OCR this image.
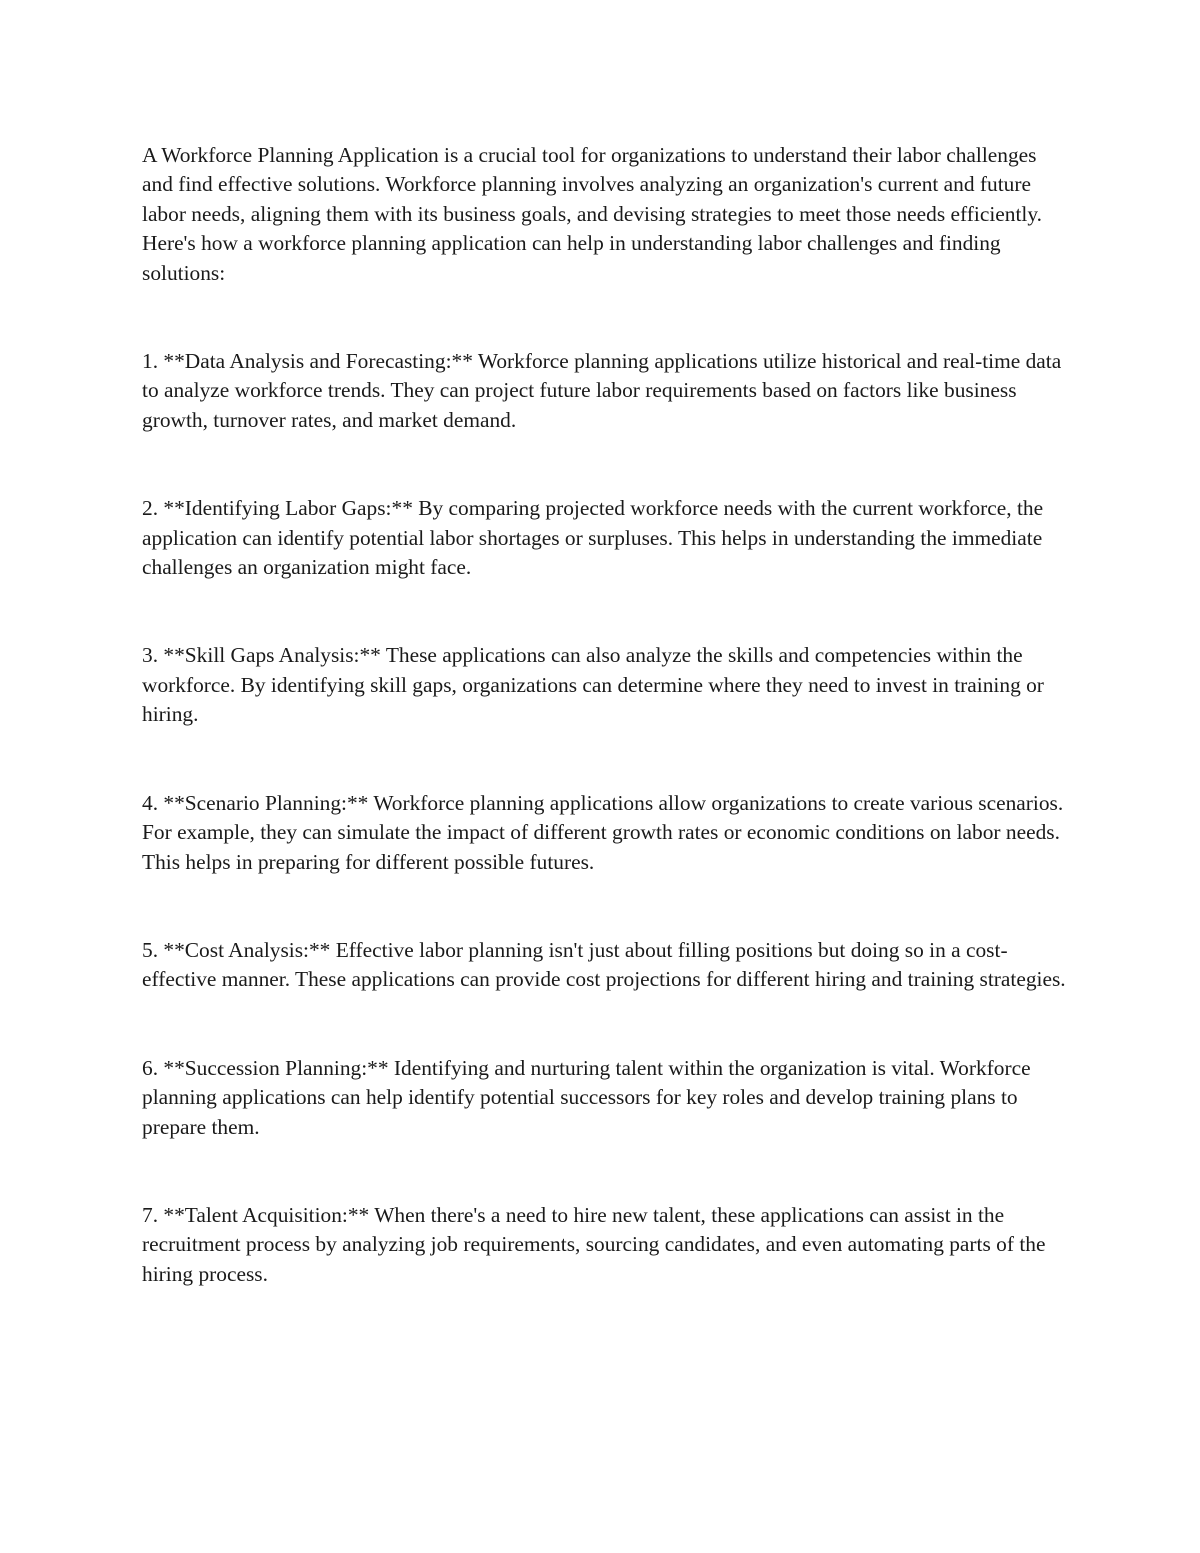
A Workforce Planning Application is a crucial tool for organizations to understand their labor challenges and find effective solutions. Workforce planning involves analyzing an organization's current and future labor needs, aligning them with its business goals, and devising strategies to meet those needs efficiently. Here's how a workforce planning application can help in understanding labor challenges and finding solutions:

1. **Data Analysis and Forecasting:** Workforce planning applications utilize historical and real-time data to analyze workforce trends. They can project future labor requirements based on factors like business growth, turnover rates, and market demand.

2. **Identifying Labor Gaps:** By comparing projected workforce needs with the current workforce, the application can identify potential labor shortages or surpluses. This helps in understanding the immediate challenges an organization might face.

3. **Skill Gaps Analysis:** These applications can also analyze the skills and competencies within the workforce. By identifying skill gaps, organizations can determine where they need to invest in training or hiring.

4. **Scenario Planning:** Workforce planning applications allow organizations to create various scenarios. For example, they can simulate the impact of different growth rates or economic conditions on labor needs. This helps in preparing for different possible futures.

5. **Cost Analysis:** Effective labor planning isn't just about filling positions but doing so in a cost-effective manner. These applications can provide cost projections for different hiring and training strategies.

6. **Succession Planning:** Identifying and nurturing talent within the organization is vital. Workforce planning applications can help identify potential successors for key roles and develop training plans to prepare them.

7. **Talent Acquisition:** When there's a need to hire new talent, these applications can assist in the recruitment process by analyzing job requirements, sourcing candidates, and even automating parts of the hiring process.
